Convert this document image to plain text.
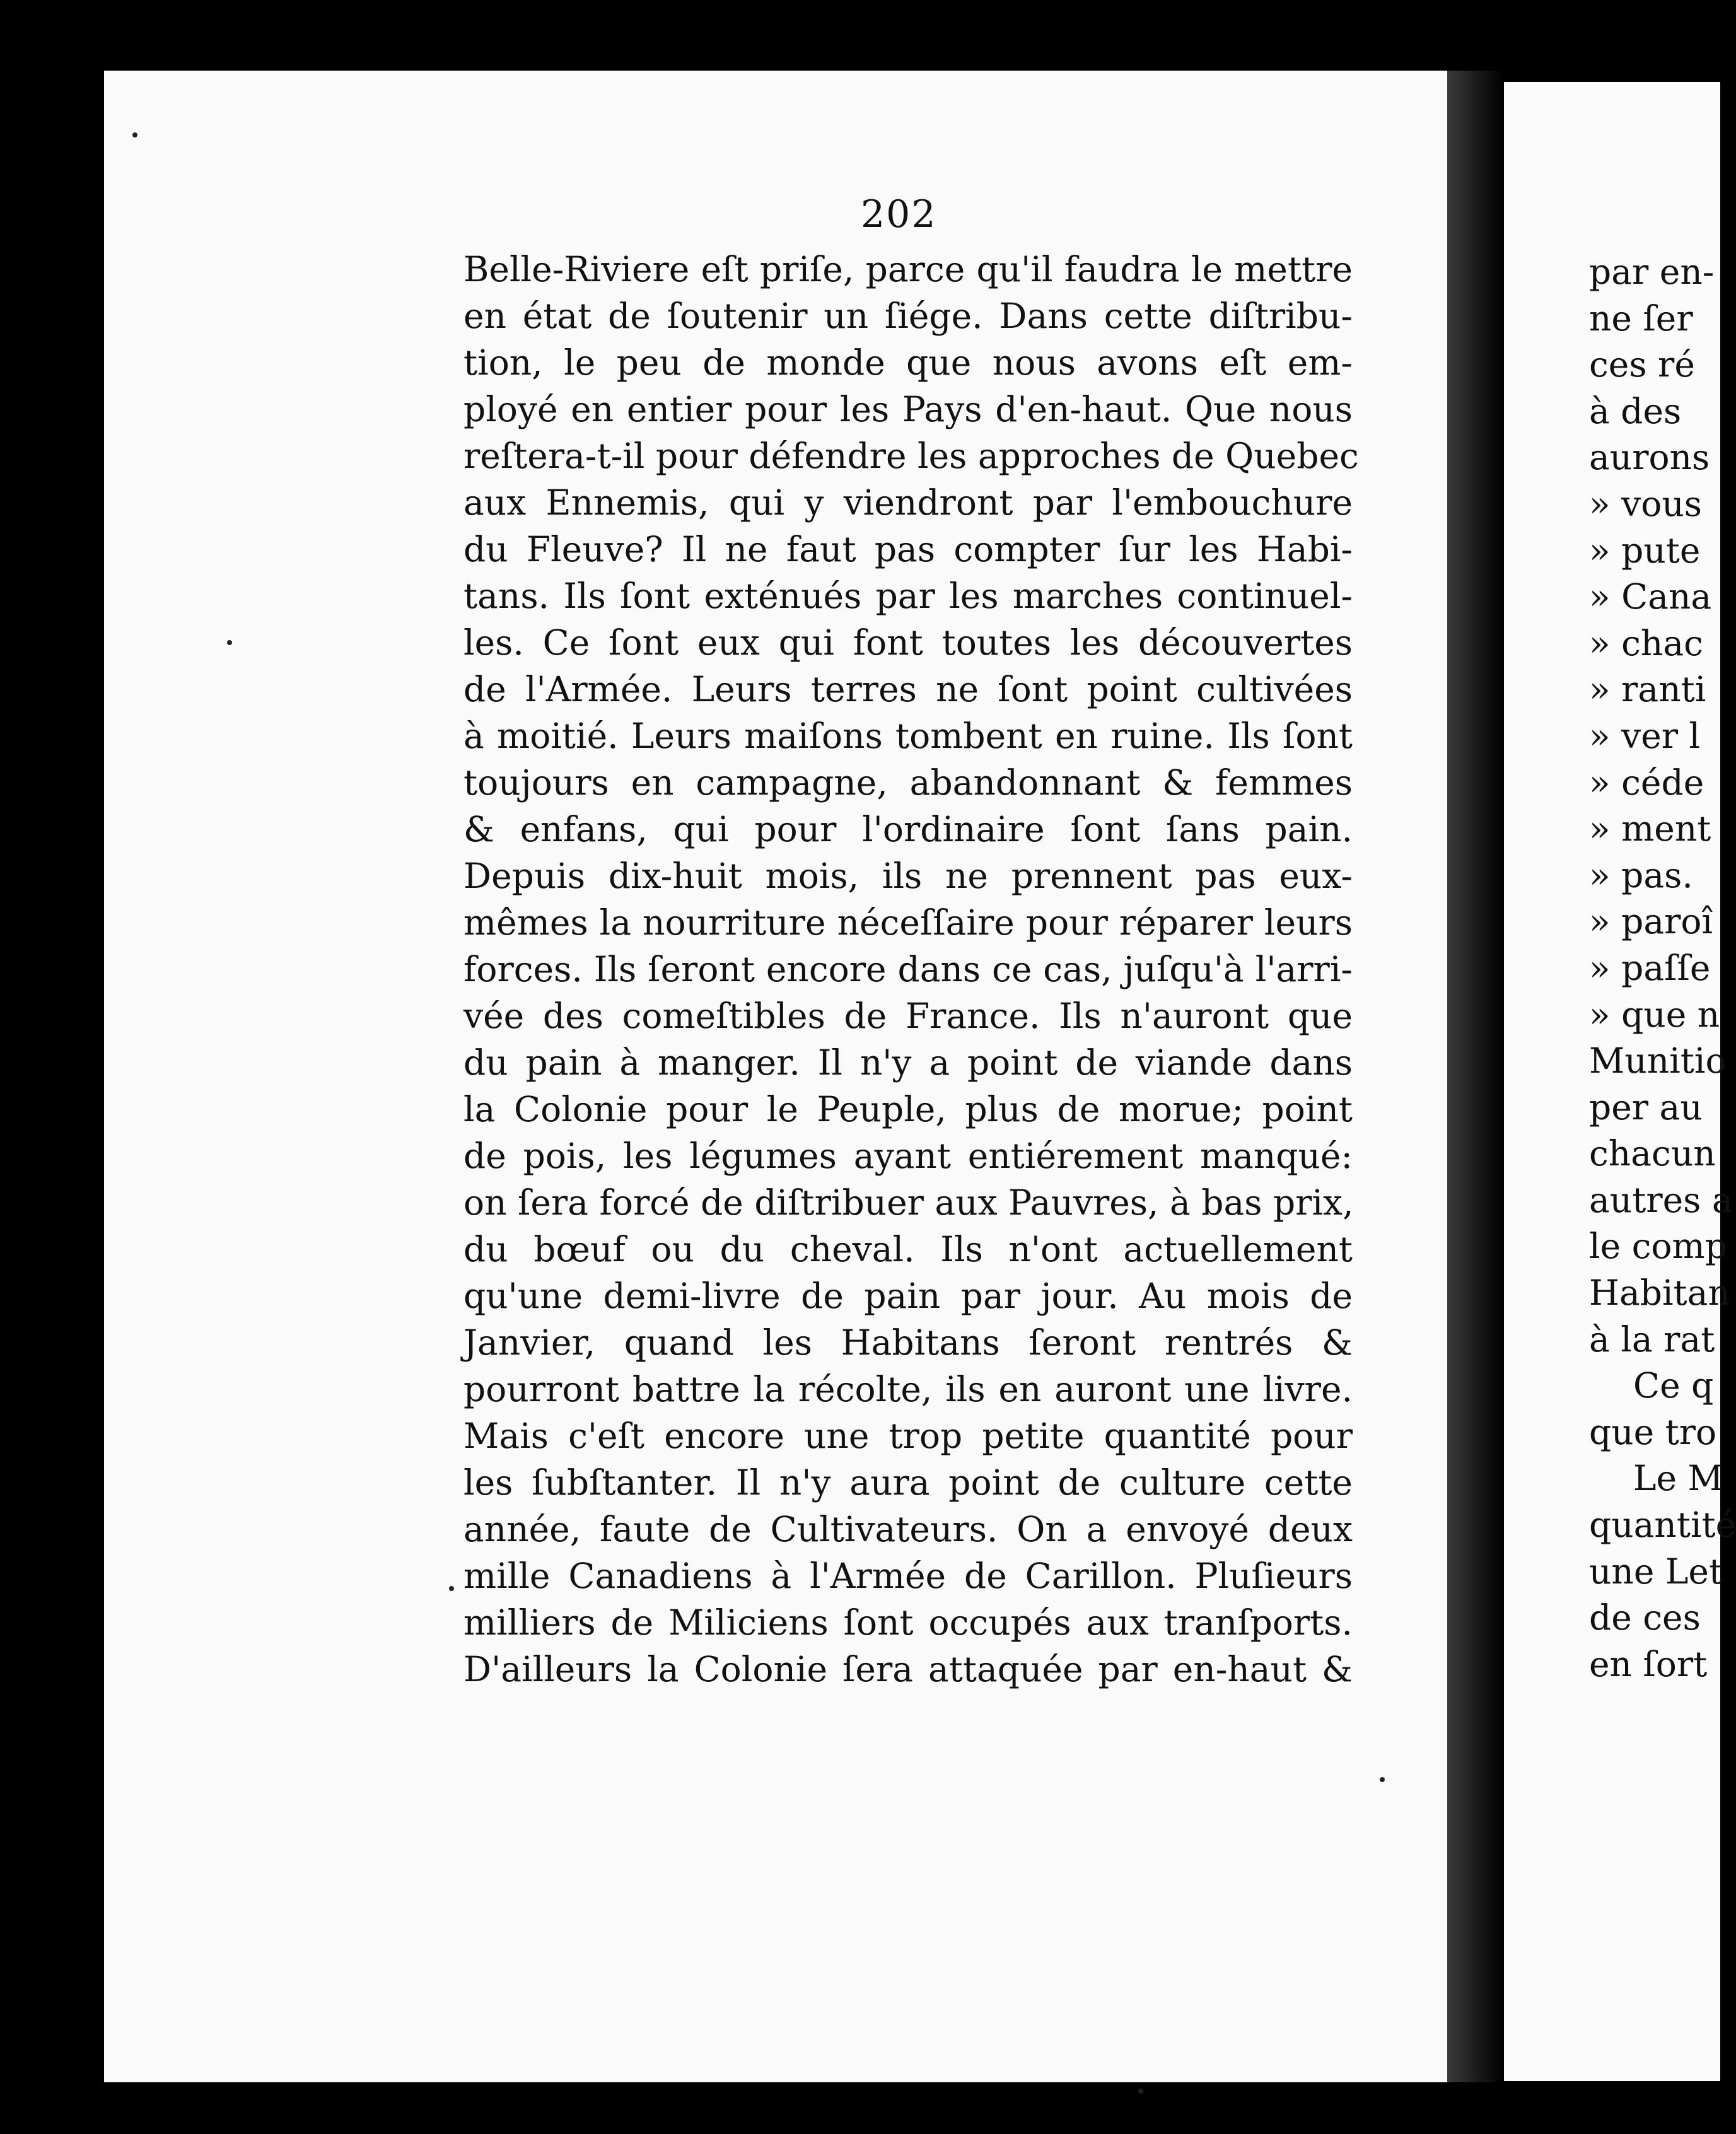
202
Belle-Riviere eſt priſe, parce qu'il faudra le mettre
en état de ſoutenir un ſiége. Dans cette diſtribu-
tion, le peu de monde que nous avons eſt em-
ployé en entier pour les Pays d'en-haut. Que nous
reſtera-t-il pour défendre les approches de Quebec
aux Ennemis, qui y viendront par l'embouchure
du Fleuve? Il ne faut pas compter ſur les Habi-
tans. Ils ſont exténués par les marches continuel-
les. Ce ſont eux qui font toutes les découvertes
de l'Armée. Leurs terres ne ſont point cultivées
à moitié. Leurs maiſons tombent en ruine. Ils ſont
toujours en campagne, abandonnant & femmes
& enfans, qui pour l'ordinaire ſont ſans pain.
Depuis dix-huit mois, ils ne prennent pas eux-
mêmes la nourriture néceſſaire pour réparer leurs
forces. Ils ſeront encore dans ce cas, juſqu'à l'arri-
vée des comeſtibles de France. Ils n'auront que
du pain à manger. Il n'y a point de viande dans
la Colonie pour le Peuple, plus de morue; point
de pois, les légumes ayant entiérement manqué:
on ſera forcé de diſtribuer aux Pauvres, à bas prix,
du bœuf ou du cheval. Ils n'ont actuellement
qu'une demi-livre de pain par jour. Au mois de
Janvier, quand les Habitans ſeront rentrés &
pourront battre la récolte, ils en auront une livre.
Mais c'eſt encore une trop petite quantité pour
les ſubſtanter. Il n'y aura point de culture cette
année, faute de Cultivateurs. On a envoyé deux
mille Canadiens à l'Armée de Carillon. Pluſieurs
milliers de Miliciens ſont occupés aux tranſports.
D'ailleurs la Colonie ſera attaquée par en-haut &
par en-
ne ſer
ces ré
à des
aurons
» vous
» pute
» Cana
» chac
» ranti
» ver l
» céde
» ment
» pas.
» paroî
» paſſe
» que n
Munitio
per au
chacun
autres a
le comp
Habitan
à la rat
Ce q
que tro
Le M
quantité
une Let
de ces
en ſort
